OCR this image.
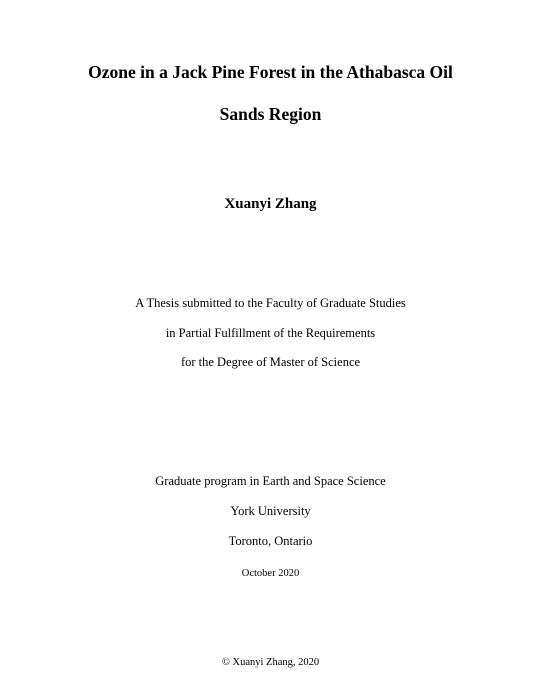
Ozone in a Jack Pine Forest in the Athabasca Oil
Sands Region
Xuanyi Zhang
A Thesis submitted to the Faculty of Graduate Studies
in Partial Fulfillment of the Requirements
for the Degree of Master of Science
Graduate program in Earth and Space Science
York University
Toronto, Ontario
October 2020
© Xuanyi Zhang, 2020
